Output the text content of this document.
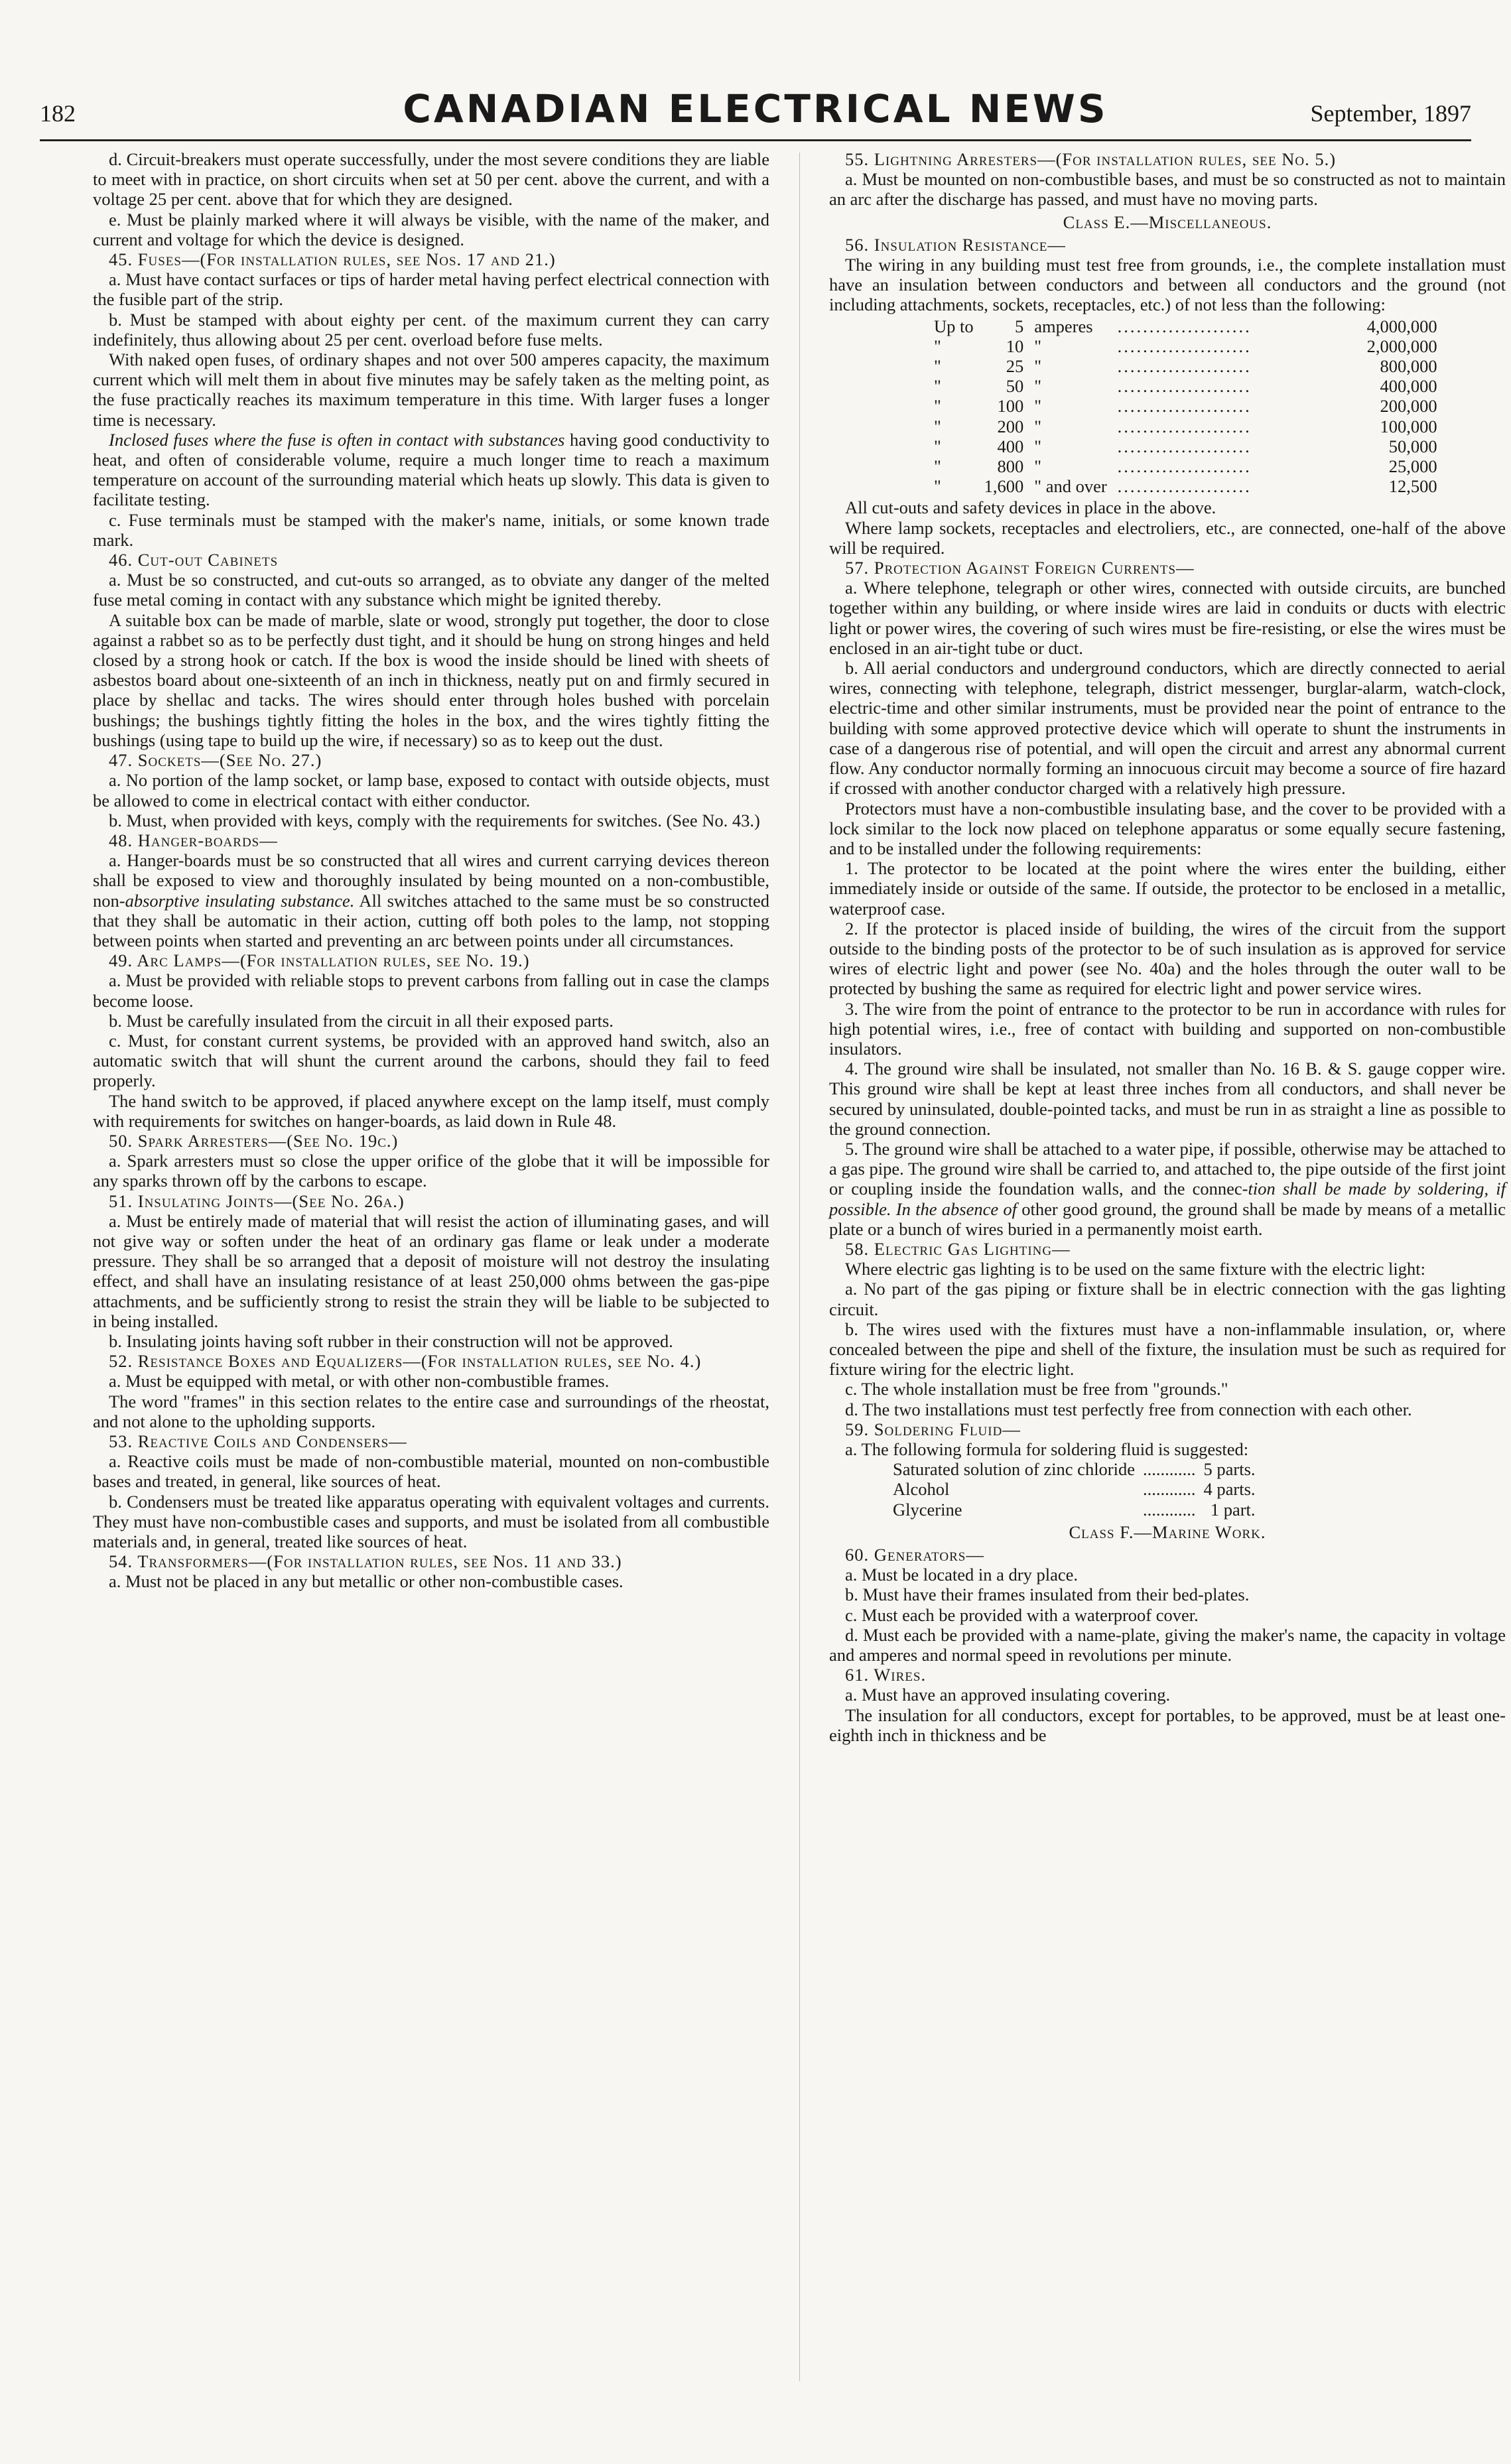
182	CANADIAN ELECTRICAL NEWS	September, 1897

d. Circuit-breakers must operate successfully, under the most severe conditions they are liable to meet with in practice, on short circuits when set at 50 per cent. above the current, and with a voltage 25 per cent. above that for which they are designed.

e. Must be plainly marked where it will always be visible, with the name of the maker, and current and voltage for which the device is designed.

45. Fuses—(For installation rules, see Nos. 17 and 21.)

a. Must have contact surfaces or tips of harder metal having perfect electrical connection with the fusible part of the strip.

b. Must be stamped with about eighty per cent. of the maximum current they can carry indefinitely, thus allowing about 25 per cent. overload before fuse melts.

With naked open fuses, of ordinary shapes and not over 500 amperes capacity, the maximum current which will melt them in about five minutes may be safely taken as the melting point, as the fuse practically reaches its maximum temperature in this time. With larger fuses a longer time is necessary.

Inclosed fuses where the fuse is often in contact with substances having good conductivity to heat, and often of considerable volume, require a much longer time to reach a maximum temperature on account of the surrounding material which heats up slowly. This data is given to facilitate testing.

c. Fuse terminals must be stamped with the maker's name, initials, or some known trade mark.

46. Cut-out Cabinets

a. Must be so constructed, and cut-outs so arranged, as to obviate any danger of the melted fuse metal coming in contact with any substance which might be ignited thereby.

A suitable box can be made of marble, slate or wood, strongly put together, the door to close against a rabbet so as to be perfectly dust tight, and it should be hung on strong hinges and held closed by a strong hook or catch. If the box is wood the inside should be lined with sheets of asbestos board about one-sixteenth of an inch in thickness, neatly put on and firmly secured in place by shellac and tacks. The wires should enter through holes bushed with porcelain bushings; the bushings tightly fitting the holes in the box, and the wires tightly fitting the bushings (using tape to build up the wire, if necessary) so as to keep out the dust.

47. Sockets—(See No. 27.)

a. No portion of the lamp socket, or lamp base, exposed to contact with outside objects, must be allowed to come in electrical contact with either conductor.

b. Must, when provided with keys, comply with the requirements for switches. (See No. 43.)

48. Hanger-boards—

a. Hanger-boards must be so constructed that all wires and current carrying devices thereon shall be exposed to view and thoroughly insulated by being mounted on a non-combustible, non-absorptive insulating substance. All switches attached to the same must be so constructed that they shall be automatic in their action, cutting off both poles to the lamp, not stopping between points when started and preventing an arc between points under all circumstances.

49. Arc Lamps—(For installation rules, see No. 19.)

a. Must be provided with reliable stops to prevent carbons from falling out in case the clamps become loose.

b. Must be carefully insulated from the circuit in all their exposed parts.

c. Must, for constant current systems, be provided with an approved hand switch, also an automatic switch that will shunt the current around the carbons, should they fail to feed properly.

The hand switch to be approved, if placed anywhere except on the lamp itself, must comply with requirements for switches on hanger-boards, as laid down in Rule 48.

50. Spark Arresters—(See No. 19c.)

a. Spark arresters must so close the upper orifice of the globe that it will be impossible for any sparks thrown off by the carbons to escape.

51. Insulating Joints—(See No. 26a.)

a. Must be entirely made of material that will resist the action of illuminating gases, and will not give way or soften under the heat of an ordinary gas flame or leak under a moderate pressure. They shall be so arranged that a deposit of moisture will not destroy the insulating effect, and shall have an insulating resistance of at least 250,000 ohms between the gas-pipe attachments, and be sufficiently strong to resist the strain they will be liable to be subjected to in being installed.

b. Insulating joints having soft rubber in their construction will not be approved.

52. Resistance Boxes and Equalizers—(For installation rules, see No. 4.)

a. Must be equipped with metal, or with other non-combustible frames.

The word "frames" in this section relates to the entire case and surroundings of the rheostat, and not alone to the upholding supports.

53. Reactive Coils and Condensers—

a. Reactive coils must be made of non-combustible material, mounted on non-combustible bases and treated, in general, like sources of heat.

b. Condensers must be treated like apparatus operating with equivalent voltages and currents. They must have non-combustible cases and supports, and must be isolated from all combustible materials and, in general, treated like sources of heat.

54. Transformers—(For installation rules, see Nos. 11 and 33.)

a. Must not be placed in any but metallic or other non-combustible cases.

55. Lightning Arresters—(For installation rules, see No. 5.)

a. Must be mounted on non-combustible bases, and must be so constructed as not to maintain an arc after the discharge has passed, and must have no moving parts.

Class E.—Miscellaneous.

56. Insulation Resistance—

The wiring in any building must test free from grounds, i.e., the complete installation must have an insulation between conductors and between all conductors and the ground (not including attachments, sockets, receptacles, etc.) of not less than the following:

Up to	5	amperes	.....................	4,000,000
"	10	"	.....................	2,000,000
"	25	"	.....................	800,000
"	50	"	.....................	400,000
"	100	"	.....................	200,000
"	200	"	.....................	100,000
"	400	"	.....................	50,000
"	800	"	.....................	25,000
"	1,600	" and over	.....................	12,500

All cut-outs and safety devices in place in the above.

Where lamp sockets, receptacles and electroliers, etc., are connected, one-half of the above will be required.

57. Protection Against Foreign Currents—

a. Where telephone, telegraph or other wires, connected with outside circuits, are bunched together within any building, or where inside wires are laid in conduits or ducts with electric light or power wires, the covering of such wires must be fire-resisting, or else the wires must be enclosed in an air-tight tube or duct.

b. All aerial conductors and underground conductors, which are directly connected to aerial wires, connecting with telephone, telegraph, district messenger, burglar-alarm, watch-clock, electric-time and other similar instruments, must be provided near the point of entrance to the building with some approved protective device which will operate to shunt the instruments in case of a dangerous rise of potential, and will open the circuit and arrest any abnormal current flow. Any conductor normally forming an innocuous circuit may become a source of fire hazard if crossed with another conductor charged with a relatively high pressure.

Protectors must have a non-combustible insulating base, and the cover to be provided with a lock similar to the lock now placed on telephone apparatus or some equally secure fastening, and to be installed under the following requirements:

1. The protector to be located at the point where the wires enter the building, either immediately inside or outside of the same. If outside, the protector to be enclosed in a metallic, waterproof case.

2. If the protector is placed inside of building, the wires of the circuit from the support outside to the binding posts of the protector to be of such insulation as is approved for service wires of electric light and power (see No. 40a) and the holes through the outer wall to be protected by bushing the same as required for electric light and power service wires.

3. The wire from the point of entrance to the protector to be run in accordance with rules for high potential wires, i.e., free of contact with building and supported on non-combustible insulators.

4. The ground wire shall be insulated, not smaller than No. 16 B. & S. gauge copper wire. This ground wire shall be kept at least three inches from all conductors, and shall never be secured by uninsulated, double-pointed tacks, and must be run in as straight a line as possible to the ground connection.

5. The ground wire shall be attached to a water pipe, if possible, otherwise may be attached to a gas pipe. The ground wire shall be carried to, and attached to, the pipe outside of the first joint or coupling inside the foundation walls, and the connec-tion shall be made by soldering, if possible. In the absence of other good ground, the ground shall be made by means of a metallic plate or a bunch of wires buried in a permanently moist earth.

58. Electric Gas Lighting—

Where electric gas lighting is to be used on the same fixture with the electric light:

a. No part of the gas piping or fixture shall be in electric connection with the gas lighting circuit.

b. The wires used with the fixtures must have a non-inflammable insulation, or, where concealed between the pipe and shell of the fixture, the insulation must be such as required for fixture wiring for the electric light.

c. The whole installation must be free from "grounds."

d. The two installations must test perfectly free from connection with each other.

59. Soldering Fluid—

a. The following formula for soldering fluid is suggested:

Saturated solution of zinc chloride	............	5 parts.
Alcohol	............	4 parts.
Glycerine	............	1 part.

Class F.—Marine Work.

60. Generators—

a. Must be located in a dry place.

b. Must have their frames insulated from their bed-plates.

c. Must each be provided with a waterproof cover.

d. Must each be provided with a name-plate, giving the maker's name, the capacity in voltage and amperes and normal speed in revolutions per minute.

61. Wires.

a. Must have an approved insulating covering.

The insulation for all conductors, except for portables, to be approved, must be at least one-eighth inch in thickness and be
